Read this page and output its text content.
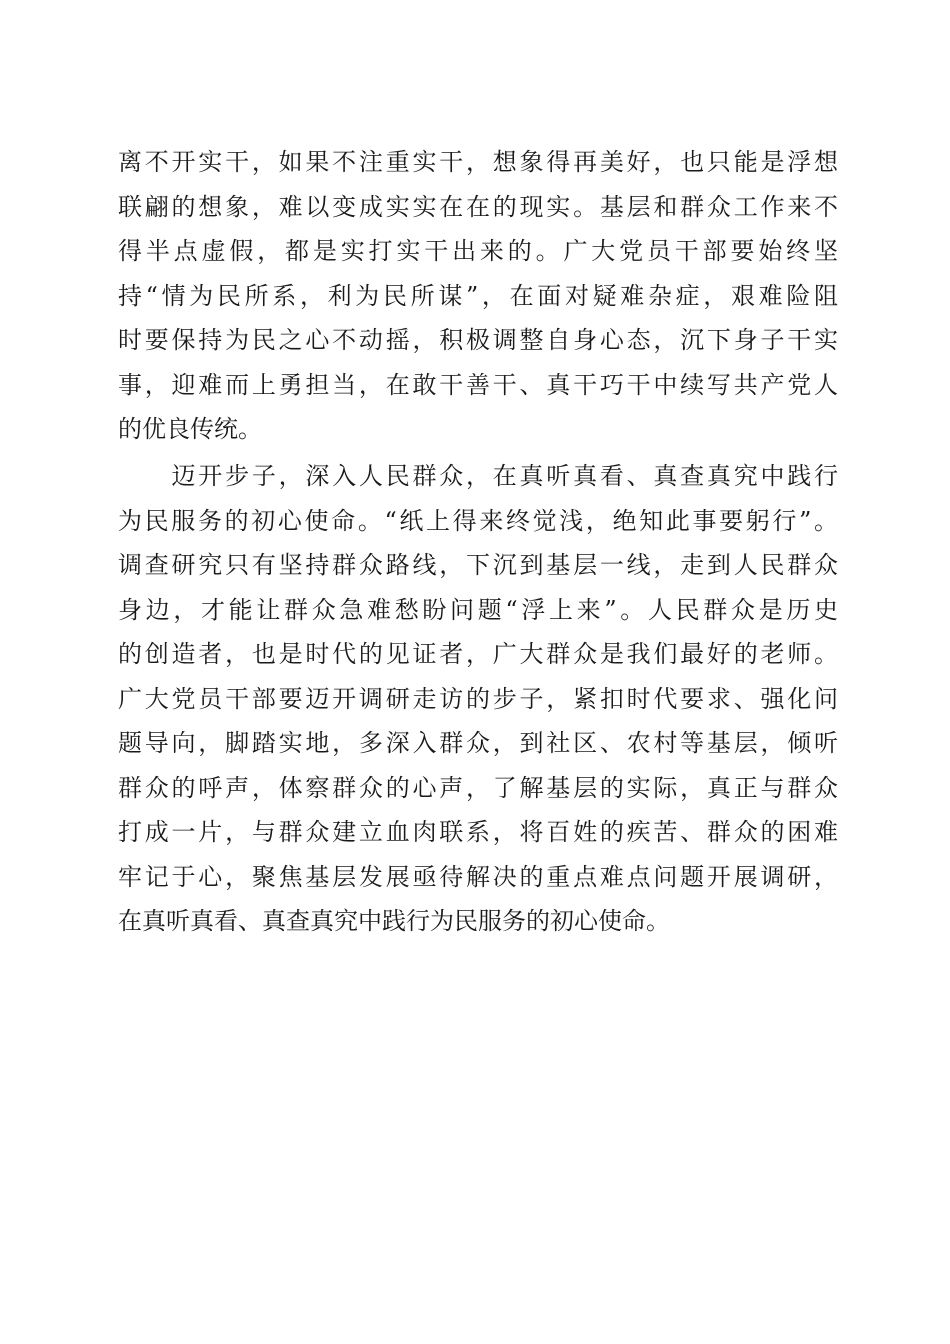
离不开实干，如果不注重实干，想象得再美好，也只能是浮想
联翩的想象，难以变成实实在在的现实。基层和群众工作来不
得半点虚假，都是实打实干出来的。广大党员干部要始终坚
持“情为民所系，利为民所谋”，在面对疑难杂症，艰难险阻
时要保持为民之心不动摇，积极调整自身心态，沉下身子干实
事，迎难而上勇担当，在敢干善干、真干巧干中续写共产党人
的优良传统。
　　迈开步子，深入人民群众，在真听真看、真查真究中践行
为民服务的初心使命。“纸上得来终觉浅，绝知此事要躬行”。
调查研究只有坚持群众路线，下沉到基层一线，走到人民群众
身边，才能让群众急难愁盼问题“浮上来”。人民群众是历史
的创造者，也是时代的见证者，广大群众是我们最好的老师。
广大党员干部要迈开调研走访的步子，紧扣时代要求、强化问
题导向，脚踏实地，多深入群众，到社区、农村等基层，倾听
群众的呼声，体察群众的心声，了解基层的实际，真正与群众
打成一片，与群众建立血肉联系，将百姓的疾苦、群众的困难
牢记于心，聚焦基层发展亟待解决的重点难点问题开展调研，
在真听真看、真查真究中践行为民服务的初心使命。
